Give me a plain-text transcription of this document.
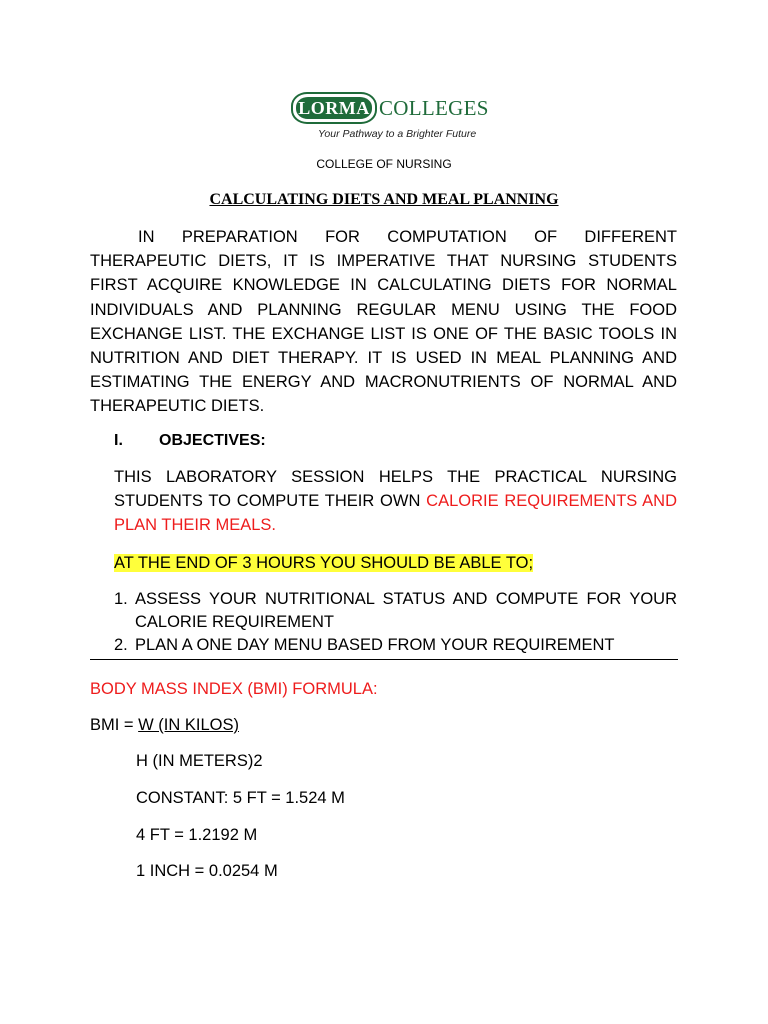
LORMA COLLEGES
Your Pathway to a Brighter Future
COLLEGE OF NURSING
CALCULATING DIETS AND MEAL PLANNING

IN PREPARATION FOR COMPUTATION OF DIFFERENT THERAPEUTIC DIETS, IT IS IMPERATIVE THAT NURSING STUDENTS FIRST ACQUIRE KNOWLEDGE IN CALCULATING DIETS FOR NORMAL INDIVIDUALS AND PLANNING REGULAR MENU USING THE FOOD EXCHANGE LIST. THE EXCHANGE LIST IS ONE OF THE BASIC TOOLS IN NUTRITION AND DIET THERAPY. IT IS USED IN MEAL PLANNING AND ESTIMATING THE ENERGY AND MACRONUTRIENTS OF NORMAL AND THERAPEUTIC DIETS.

I. OBJECTIVES:

THIS LABORATORY SESSION HELPS THE PRACTICAL NURSING STUDENTS TO COMPUTE THEIR OWN CALORIE REQUIREMENTS AND PLAN THEIR MEALS.

AT THE END OF 3 HOURS YOU SHOULD BE ABLE TO;
1. ASSESS YOUR NUTRITIONAL STATUS AND COMPUTE FOR YOUR CALORIE REQUIREMENT
2. PLAN A ONE DAY MENU BASED FROM YOUR REQUIREMENT
BODY MASS INDEX (BMI) FORMULA:
BMI = W (IN KILOS)
H (IN METERS)2
CONSTANT: 5 FT = 1.524 M
4 FT = 1.2192 M
1 INCH = 0.0254 M
